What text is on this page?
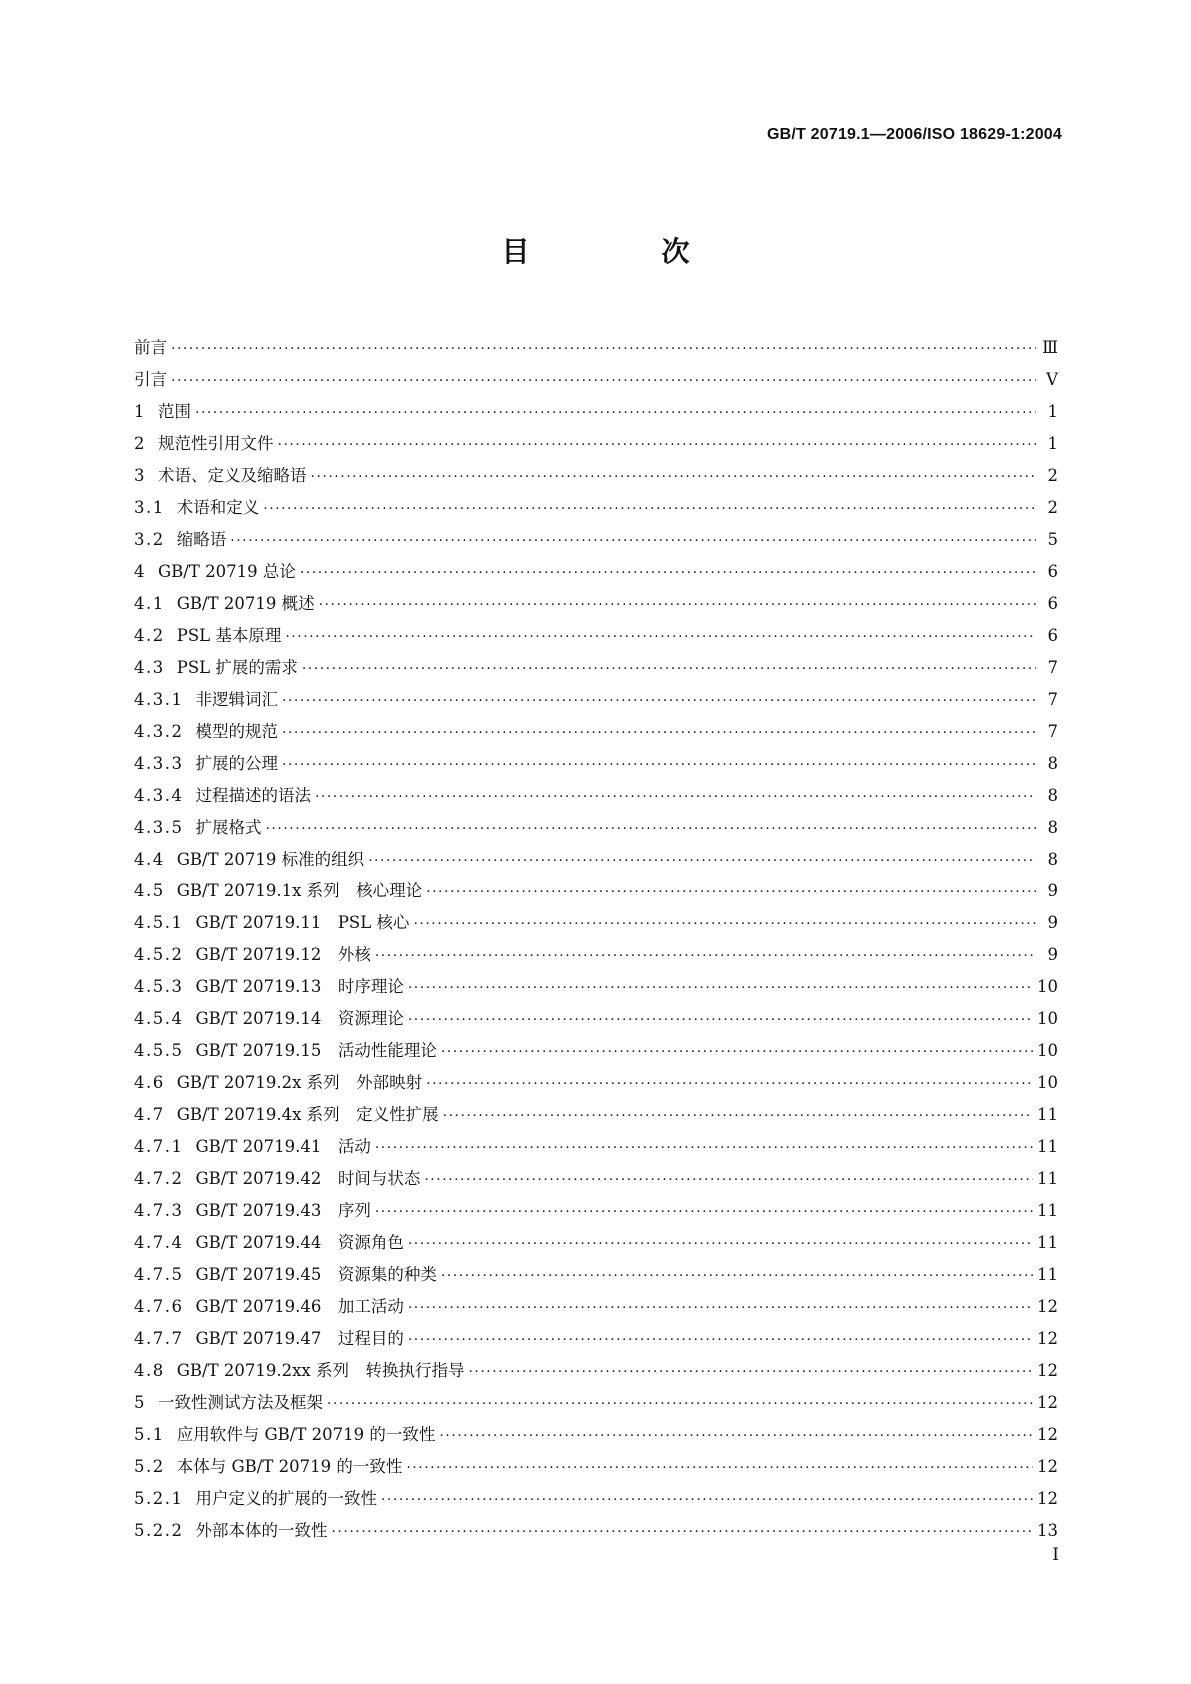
GB/T 20719.1—2006/ISO 18629-1:2004
目　次
前言 ·····	Ⅲ
引言 ·····	Ⅴ
1 范围 ·····	1
2 规范性引用文件 ·····	1
3 术语、定义及缩略语 ·····	2
3.1 术语和定义 ·····	2
3.2 缩略语 ·····	5
4 GB/T 20719 总论 ·····	6
4.1 GB/T 20719 概述 ·····	6
4.2 PSL 基本原理 ·····	6
4.3 PSL 扩展的需求 ·····	7
4.3.1 非逻辑词汇 ·····	7
4.3.2 模型的规范 ·····	7
4.3.3 扩展的公理 ·····	8
4.3.4 过程描述的语法 ·····	8
4.3.5 扩展格式 ·····	8
4.4 GB/T 20719 标准的组织 ·····	8
4.5 GB/T 20719.1x 系列　核心理论 ·····	9
4.5.1 GB/T 20719.11　PSL 核心 ·····	9
4.5.2 GB/T 20719.12　外核 ·····	9
4.5.3 GB/T 20719.13　时序理论 ·····	10
4.5.4 GB/T 20719.14　资源理论 ·····	10
4.5.5 GB/T 20719.15　活动性能理论 ·····	10
4.6 GB/T 20719.2x 系列　外部映射 ·····	10
4.7 GB/T 20719.4x 系列　定义性扩展 ·····	11
4.7.1 GB/T 20719.41　活动 ·····	11
4.7.2 GB/T 20719.42　时间与状态 ·····	11
4.7.3 GB/T 20719.43　序列 ·····	11
4.7.4 GB/T 20719.44　资源角色 ·····	11
4.7.5 GB/T 20719.45　资源集的种类 ·····	11
4.7.6 GB/T 20719.46　加工活动 ·····	12
4.7.7 GB/T 20719.47　过程目的 ·····	12
4.8 GB/T 20719.2xx 系列　转换执行指导 ·····	12
5 一致性测试方法及框架 ·····	12
5.1 应用软件与 GB/T 20719 的一致性 ·····	12
5.2 本体与 GB/T 20719 的一致性 ·····	12
5.2.1 用户定义的扩展的一致性 ·····	12
5.2.2 外部本体的一致性 ·····	13
Ⅰ
